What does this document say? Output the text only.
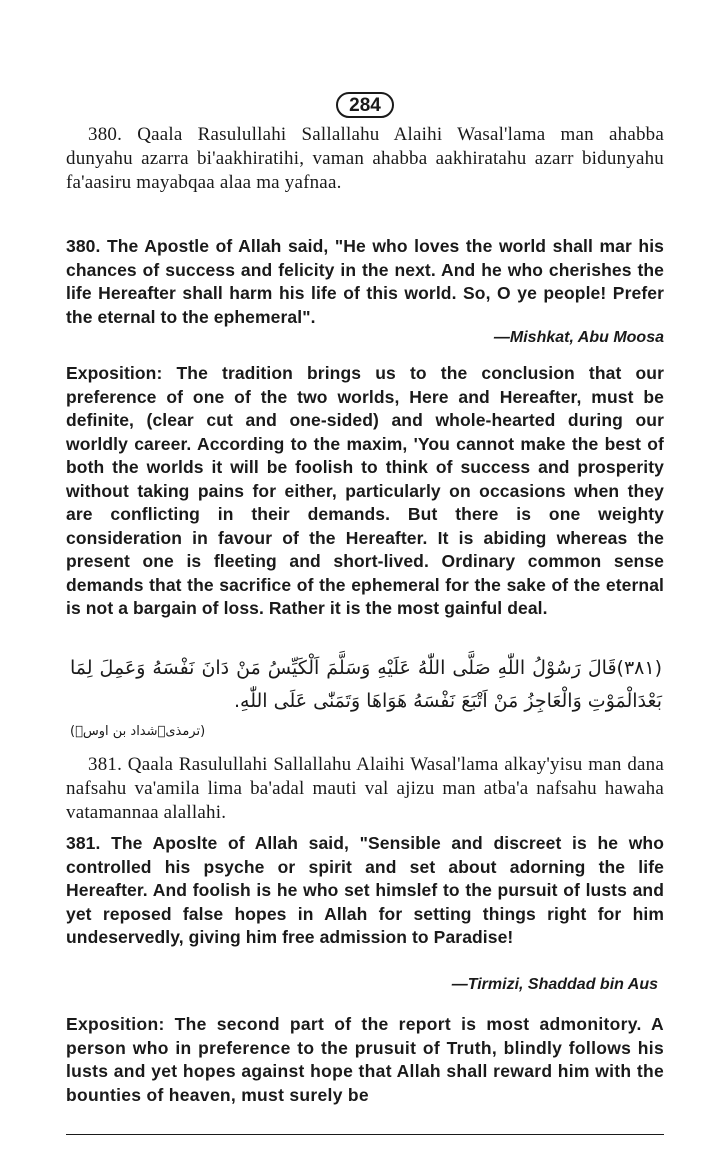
284

380. Qaala Rasulullahi Sallallahu Alaihi Wasal'lama man ahabba dunyahu azarra bi'aakhiratihi, vaman ahabba aakhiratahu azarr bidunyahu fa'aasiru mayabqaa alaa ma yafnaa.

380. The Apostle of Allah said, "He who loves the world shall mar his chances of success and felicity in the next. And he who cherishes the life Hereafter shall harm his life of this world. So, O ye people! Prefer the eternal to the ephemeral".

—Mishkat, Abu Moosa

Exposition: The tradition brings us to the conclusion that our preference of one of the two worlds, Here and Hereafter, must be definite, (clear cut and one-sided) and whole-hearted during our worldly career. According to the maxim, 'You cannot make the best of both the worlds it will be foolish to think of success and prosperity without taking pains for either, particularly on occasions when they are conflicting in their demands. But there is one weighty consideration in favour of the Hereafter. It is abiding whereas the present one is fleeting and short-lived. Ordinary common sense demands that the sacrifice of the ephemeral for the sake of the eternal is not a bargain of loss. Rather it is the most gainful deal.

(٣٨١)قَالَ رَسُوْلُ اللّٰهِ صَلَّى اللّٰهُ عَلَيْهِ وَسَلَّمَ اَلْكَيِّسُ مَنْ دَانَ نَفْسَهُ وَعَمِلَ لِمَا بَعْدَالْمَوْتِ وَالْعَاجِزُ مَنْ اَتْبَعَ نَفْسَهُ هَوَاهَا وَتَمَنّٰى عَلَى اللّٰهِ.
(ترمذی۔شداد بن اوسؓ)

381. Qaala Rasulullahi Sallallahu Alaihi Wasal'lama alkay'yisu man dana nafsahu va'amila lima ba'adal mauti val ajizu man atba'a nafsahu hawaha vatamannaa alallahi.

381. The Aposlte of Allah said, "Sensible and discreet is he who controlled his psyche or spirit and set about adorning the life Hereafter. And foolish is he who set himslef to the pursuit of lusts and yet reposed false hopes in Allah for setting things right for him undeservedly, giving him free admission to Paradise!

—Tirmizi, Shaddad bin Aus

Exposition: The second part of the report is most admonitory. A person who in preference to the prusuit of Truth, blindly follows his lusts and yet hopes against hope that Allah shall reward him with the bounties of heaven, must surely be
